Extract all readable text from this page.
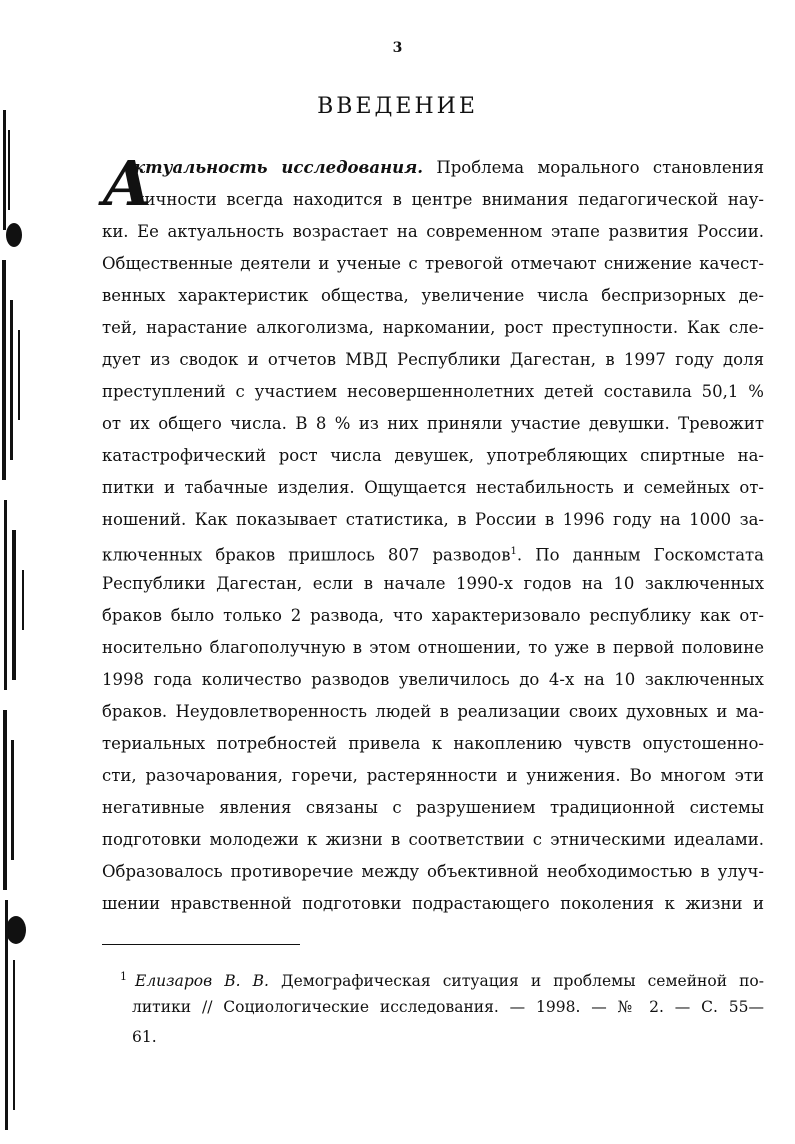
3
ВВЕДЕНИЕ
А
ктуальность исследования. Проблема морального становления
личности всегда находится в центре внимания педагогической нау-
ки. Ее актуальность возрастает на современном этапе развития России.
Общественные деятели и ученые с тревогой отмечают снижение качест-
венных характеристик общества, увеличение числа беспризорных де-
тей, нарастание алкоголизма, наркомании, рост преступности. Как сле-
дует из сводок и отчетов МВД Республики Дагестан, в 1997 году доля
преступлений с участием несовершеннолетних детей составила 50,1 %
от их общего числа. В 8 % из них приняли участие девушки. Тревожит
катастрофический рост числа девушек, употребляющих спиртные на-
питки и табачные изделия. Ощущается нестабильность и семейных от-
ношений. Как показывает статистика, в России в 1996 году на 1000 за-
ключенных браков пришлось 807 разводов$^1$. По данным Госкомстата
Республики Дагестан, если в начале 1990-х годов на 10 заключенных
браков было только 2 развода, что характеризовало республику как от-
носительно благополучную в этом отношении, то уже в первой половине
1998 года количество разводов увеличилось до 4-х на 10 заключенных
браков. Неудовлетворенность людей в реализации своих духовных и ма-
териальных потребностей привела к накоплению чувств опустошенно-
сти, разочарования, горечи, растерянности и унижения. Во многом эти
негативные явления связаны с разрушением традиционной системы
подготовки молодежи к жизни в соответствии с этническими идеалами.
Образовалось противоречие между объективной необходимостью в улуч-
шении нравственной подготовки подрастающего поколения к жизни и
$^1$ Елизаров В. В. Демографическая ситуация и проблемы семейной по-
литики // Социологические исследования. — 1998. — № 2. — С. 55—
61.
